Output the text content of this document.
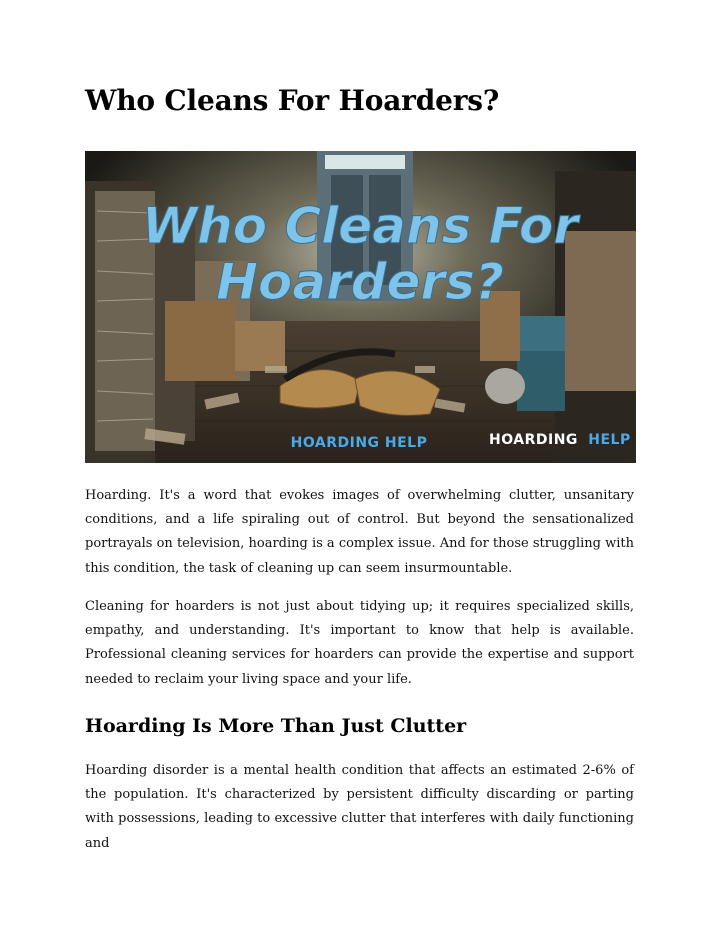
Who Cleans For Hoarders?
Who Cleans For
Hoarders?
HOARDING HELP	HOARDING HELP

Hoarding. It's a word that evokes images of overwhelming clutter, unsanitary conditions, and a life spiraling out of control. But beyond the sensationalized portrayals on television, hoarding is a complex issue. And for those struggling with this condition, the task of cleaning up can seem insurmountable.

Cleaning for hoarders is not just about tidying up; it requires specialized skills, empathy, and understanding. It's important to know that help is available. Professional cleaning services for hoarders can provide the expertise and support needed to reclaim your living space and your life.

Hoarding Is More Than Just Clutter

Hoarding disorder is a mental health condition that affects an estimated 2-6% of the population. It's characterized by persistent difficulty discarding or parting with possessions, leading to excessive clutter that interferes with daily functioning and
